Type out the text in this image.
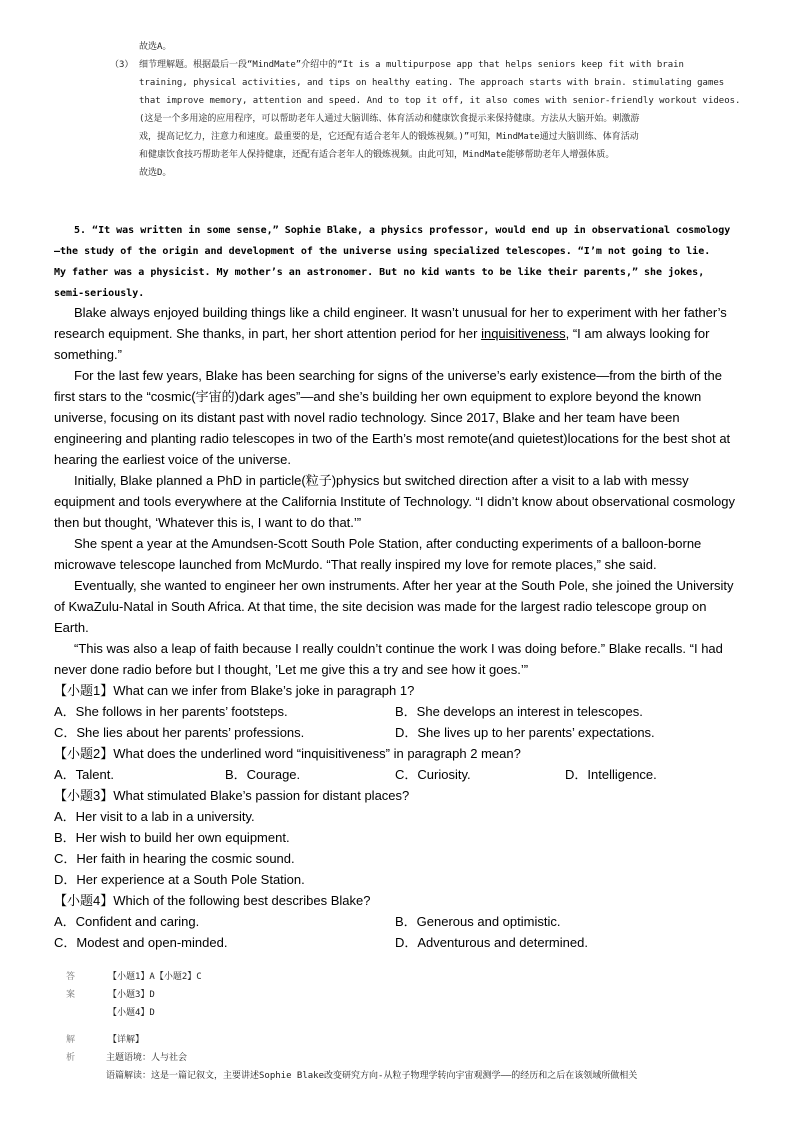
故选A。
（3） 细节理解题。根据最后一段“MindMate”介绍中的“It is a multipurpose app that helps seniors keep fit with brain
training, physical activities, and tips on healthy eating. The approach starts with brain. stimulating games
that improve memory, attention and speed. And to top it off, it also comes with senior-friendly workout videos.
(这是一个多用途的应用程序，可以帮助老年人通过大脑训练、体育活动和健康饮食提示来保持健康。方法从大脑开始。刺激游
戏，提高记忆力，注意力和速度。最重要的是，它还配有适合老年人的锻炼视频。)”可知，MindMate通过大脑训练、体育活动
和健康饮食技巧帮助老年人保持健康，还配有适合老年人的锻炼视频。由此可知，MindMate能够帮助老年人增强体质。
故选D。
5. “It was written in some sense,” Sophie Blake, a physics professor, would end up in observational cosmology
—the study of the origin and development of the universe using specialized telescopes. “I’m not going to lie.
My father was a physicist. My mother’s an astronomer. But no kid wants to be like their parents,” she jokes,
semi-seriously.

Blake always enjoyed building things like a child engineer. It wasn’t unusual for her to experiment with her father’s research equipment. She thanks, in part, her short attention period for her inquisitiveness, “I am always looking for something.”

For the last few years, Blake has been searching for signs of the universe’s early existence—from the birth of the first stars to the “cosmic(宇宙的)dark ages”—and she’s building her own equipment to explore beyond the known universe, focusing on its distant past with novel radio technology. Since 2017, Blake and her team have been engineering and planting radio telescopes in two of the Earth’s most remote(and quietest)locations for the best shot at hearing the earliest voice of the universe.

Initially, Blake planned a PhD in particle(粒子)physics but switched direction after a visit to a lab with messy equipment and tools everywhere at the California Institute of Technology. “I didn’t know about observational cosmology then but thought, ‘Whatever this is, I want to do that.’”

She spent a year at the Amundsen-Scott South Pole Station, after conducting experiments of a balloon-borne microwave telescope launched from McMurdo. “That really inspired my love for remote places,” she said.

Eventually, she wanted to engineer her own instruments. After her year at the South Pole, she joined the University of KwaZulu-Natal in South Africa. At that time, the site decision was made for the largest radio telescope group on Earth.

“This was also a leap of faith because I really couldn’t continue the work I was doing before.” Blake recalls. “I had never done radio before but I thought, ’Let me give this a try and see how it goes.’”

【小题1】What can we infer from Blake’s joke in paragraph 1?
A．She follows in her parents’ footsteps.	B．She develops an interest in telescopes.
C．She lies about her parents’ professions.	D．She lives up to her parents’ expectations.
【小题2】What does the underlined word “inquisitiveness” in paragraph 2 mean?
A．Talent.	B．Courage.	C．Curiosity.	D．Intelligence.
【小题3】What stimulated Blake’s passion for distant places?
A．Her visit to a lab in a university.
B．Her wish to build her own equipment.
C．Her faith in hearing the cosmic sound.
D．Her experience at a South Pole Station.
【小题4】Which of the following best describes Blake?
A．Confident and caring.	B．Generous and optimistic.
C．Modest and open-minded.	D．Adventurous and determined.
答案
【小题1】A【小题2】C
【小题3】D
【小题4】D
解析
【详解】
主题语境：人与社会
语篇解读：这是一篇记叙文，主要讲述Sophie Blake改变研究方向-从粒子物理学转向宇宙观测学——的经历和之后在该领域所做相关
